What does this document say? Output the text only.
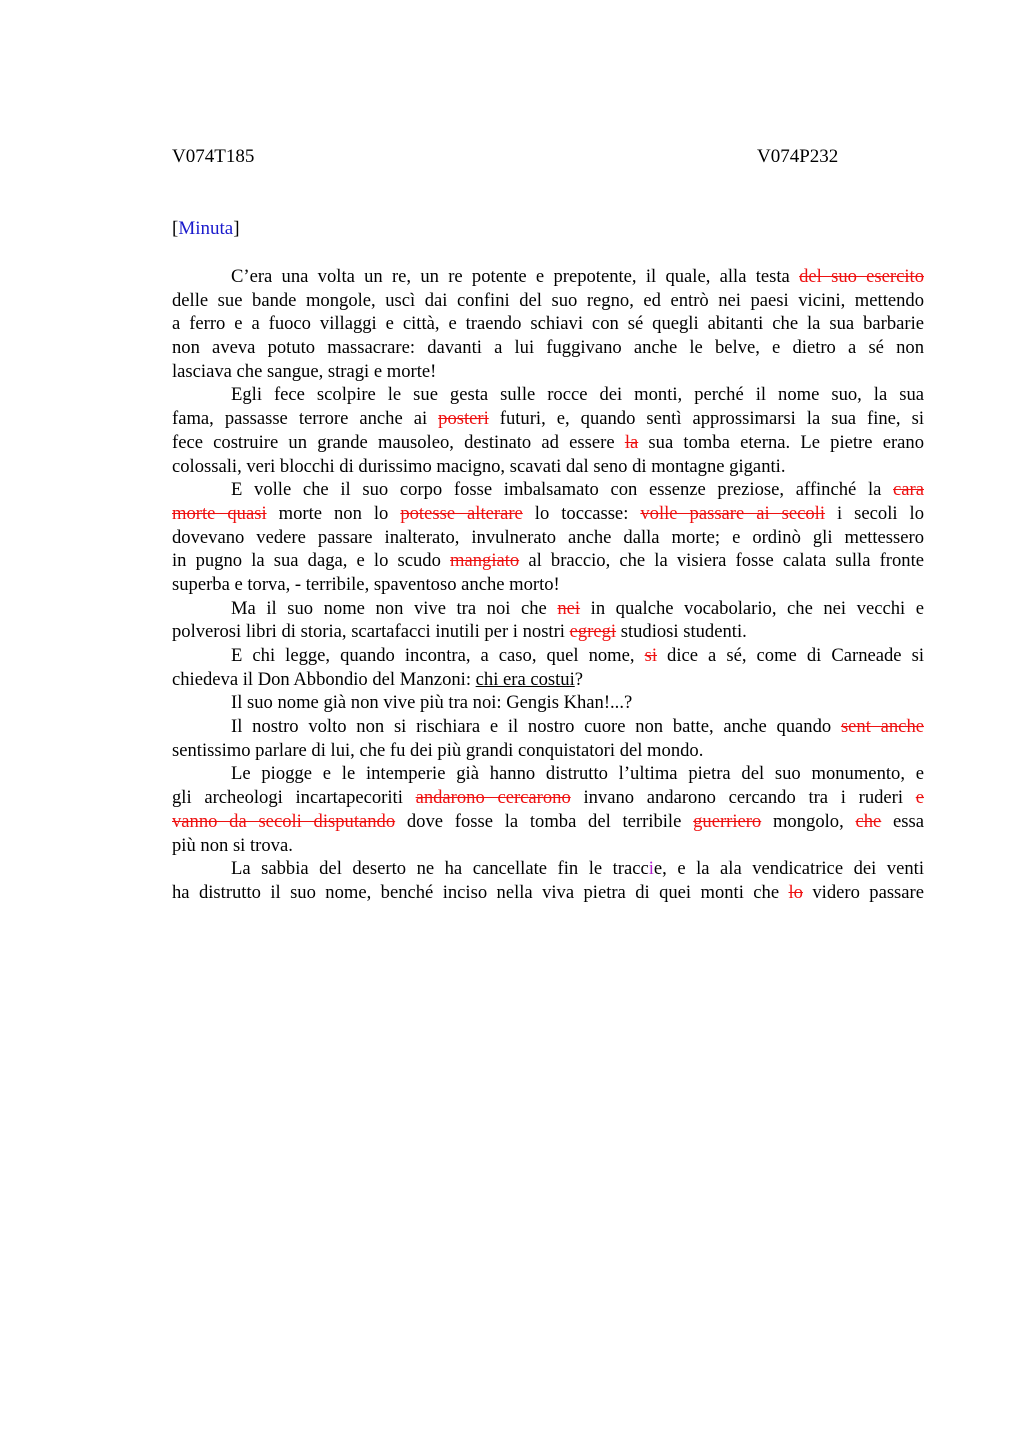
V074T185	V074P232
[Minuta]
C’era una volta un re, un re potente e prepotente, il quale, alla testa del suo esercito
delle sue bande mongole, uscì dai confini del suo regno, ed entrò nei paesi vicini, mettendo
a ferro e a fuoco villaggi e città, e traendo schiavi con sé quegli abitanti che la sua barbarie
non aveva potuto massacrare: davanti a lui fuggivano anche le belve, e dietro a sé non
lasciava che sangue, stragi e morte!
Egli fece scolpire le sue gesta sulle rocce dei monti, perché il nome suo, la sua
fama, passasse terrore anche ai posteri futuri, e, quando sentì approssimarsi la sua fine, si
fece costruire un grande mausoleo, destinato ad essere la sua tomba eterna. Le pietre erano
colossali, veri blocchi di durissimo macigno, scavati dal seno di montagne giganti.
E volle che il suo corpo fosse imbalsamato con essenze preziose, affinché la cara
morte quasi morte non lo potesse alterare lo toccasse: volle passare ai secoli i secoli lo
dovevano vedere passare inalterato, invulnerato anche dalla morte; e ordinò gli mettessero
in pugno la sua daga, e lo scudo mangiato al braccio, che la visiera fosse calata sulla fronte
superba e torva, - terribile, spaventoso anche morto!
Ma il suo nome non vive tra noi che nei in qualche vocabolario, che nei vecchi e
polverosi libri di storia, scartafacci inutili per i nostri egregi studiosi studenti.
E chi legge, quando incontra, a caso, quel nome, si dice a sé, come di Carneade si
chiedeva il Don Abbondio del Manzoni: chi era costui?
Il suo nome già non vive più tra noi: Gengis Khan!...?
Il nostro volto non si rischiara e il nostro cuore non batte, anche quando sent anche
sentissimo parlare di lui, che fu dei più grandi conquistatori del mondo.
Le piogge e le intemperie già hanno distrutto l’ultima pietra del suo monumento, e
gli archeologi incartapecoriti andarono cercarono invano andarono cercando tra i ruderi e
vanno da secoli disputando dove fosse la tomba del terribile guerriero mongolo, che essa
più non si trova.
La sabbia del deserto ne ha cancellate fin le traccie, e la ala vendicatrice dei venti
ha distrutto il suo nome, benché inciso nella viva pietra di quei monti che lo videro passare
